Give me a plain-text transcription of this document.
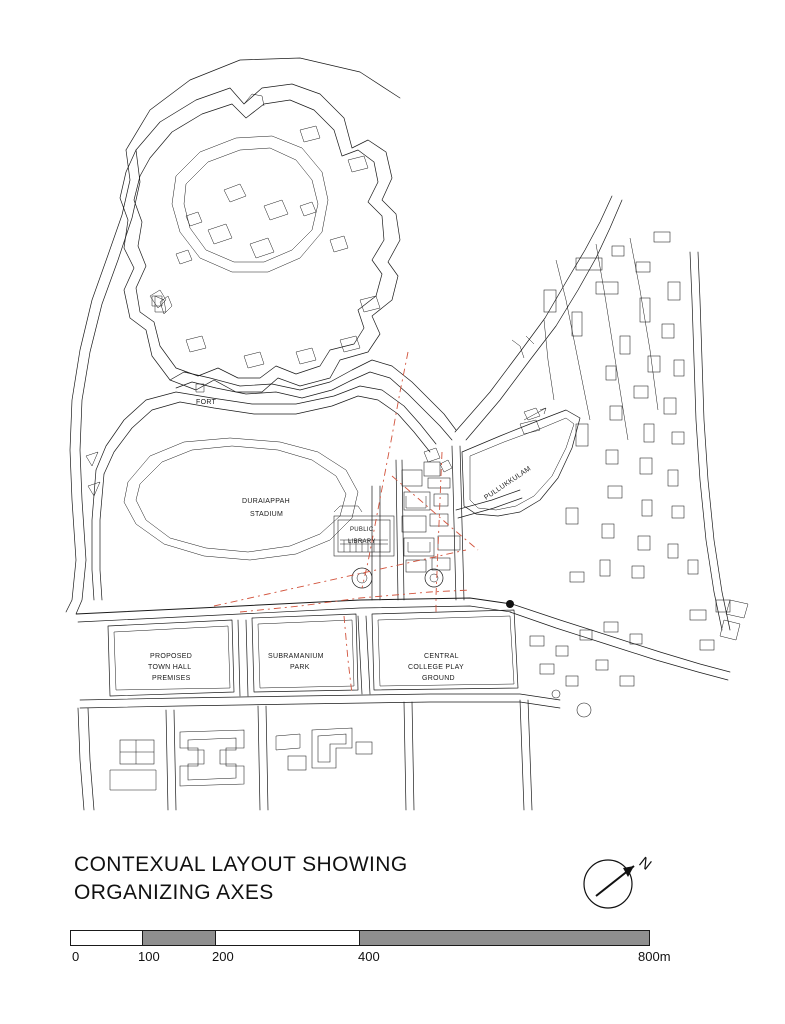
FORT
DURAIAPPAH
STADIUM
PUBLIC
LIBRARY
PULLUKKULAM
PROPOSED
TOWN HALL
PREMISES
SUBRAMANIUM
PARK
CENTRAL
COLLEGE PLAY
GROUND
CONTEXUAL LAYOUT SHOWING
ORGANIZING AXES
N
0	100	200	400	800m
